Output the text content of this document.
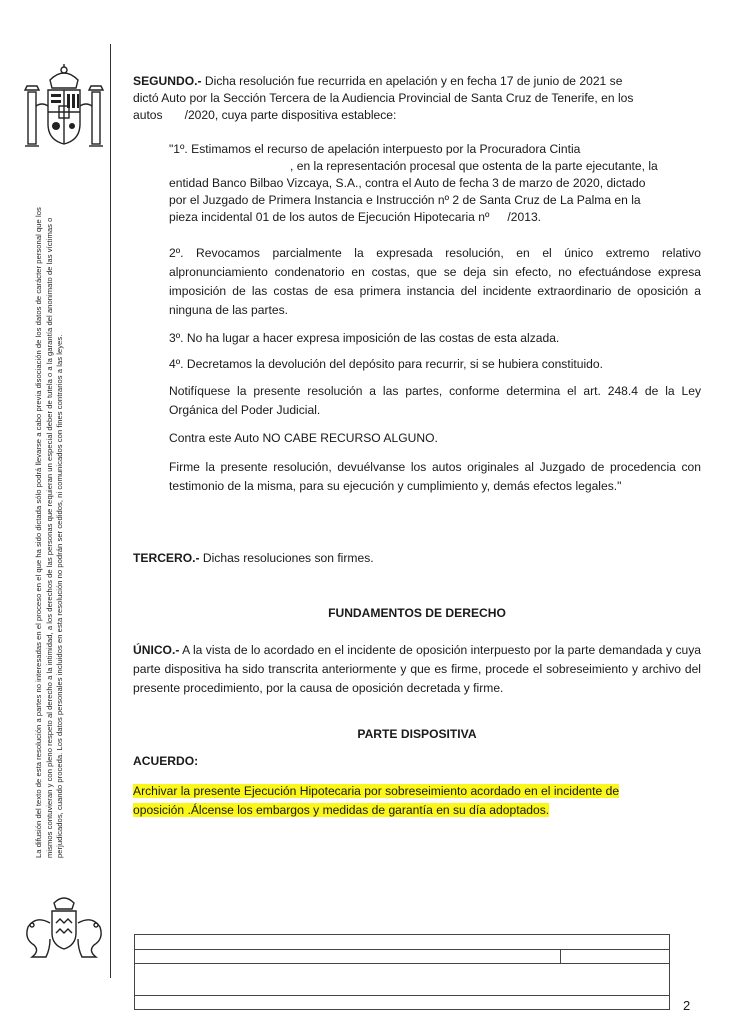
La difusión del texto de esta resolución a partes no interesadas en el proceso en el que ha sido dictada sólo podrá llevarse a cabo previa disociación de los datos de carácter personal que los mismos contuvieran y con pleno respeto al derecho a la intimidad, a los derechos de las personas que requieran un especial deber de tutela o a la garantía del anonimato de las víctimas o perjudicados, cuando proceda. Los datos personales incluidos en esta resolución no podrán ser cedidos, ni comunicados con fines contrarios a las leyes.
SEGUNDO.- Dicha resolución fue recurrida en apelación y en fecha 17 de junio de 2021 se
dictó Auto por la Sección Tercera de la Audiencia Provincial de Santa Cruz de Tenerife, en los
autos /2020, cuya parte dispositiva establece:
"1º. Estimamos el recurso de apelación interpuesto por la Procuradora Cintia
, en la representación procesal que ostenta de la parte ejecutante, la
entidad Banco Bilbao Vizcaya, S.A., contra el Auto de fecha 3 de marzo de 2020, dictado
por el Juzgado de Primera Instancia e Instrucción nº 2 de Santa Cruz de La Palma en la
pieza incidental 01 de los autos de Ejecución Hipotecaria nº /2013.
2º. Revocamos parcialmente la expresada resolución, en el único extremo relativo alpronunciamiento condenatorio en costas, que se deja sin efecto, no efectuándose expresa imposición de las costas de esa primera instancia del incidente extraordinario de oposición a ninguna de las partes.
3º. No ha lugar a hacer expresa imposición de las costas de esta alzada.
4º. Decretamos la devolución del depósito para recurrir, si se hubiera constituido.
Notifíquese la presente resolución a las partes, conforme determina el art. 248.4 de la Ley Orgánica del Poder Judicial.
Contra este Auto NO CABE RECURSO ALGUNO.
Firme la presente resolución, devuélvanse los autos originales al Juzgado de procedencia con testimonio de la misma, para su ejecución y cumplimiento y, demás efectos legales."
TERCERO.- Dichas resoluciones son firmes.
FUNDAMENTOS DE DERECHO
ÚNICO.- A la vista de lo acordado en el incidente de oposición interpuesto por la parte demandada y cuya parte dispositiva ha sido transcrita anteriormente y que es firme, procede el sobreseimiento y archivo del presente procedimiento, por la causa de oposición decretada y firme.
PARTE DISPOSITIVA
ACUERDO:
Archivar la presente Ejecución Hipotecaria por sobreseimiento acordado en el incidente de
oposición .Álcense los embargos y medidas de garantía en su día adoptados.
2
